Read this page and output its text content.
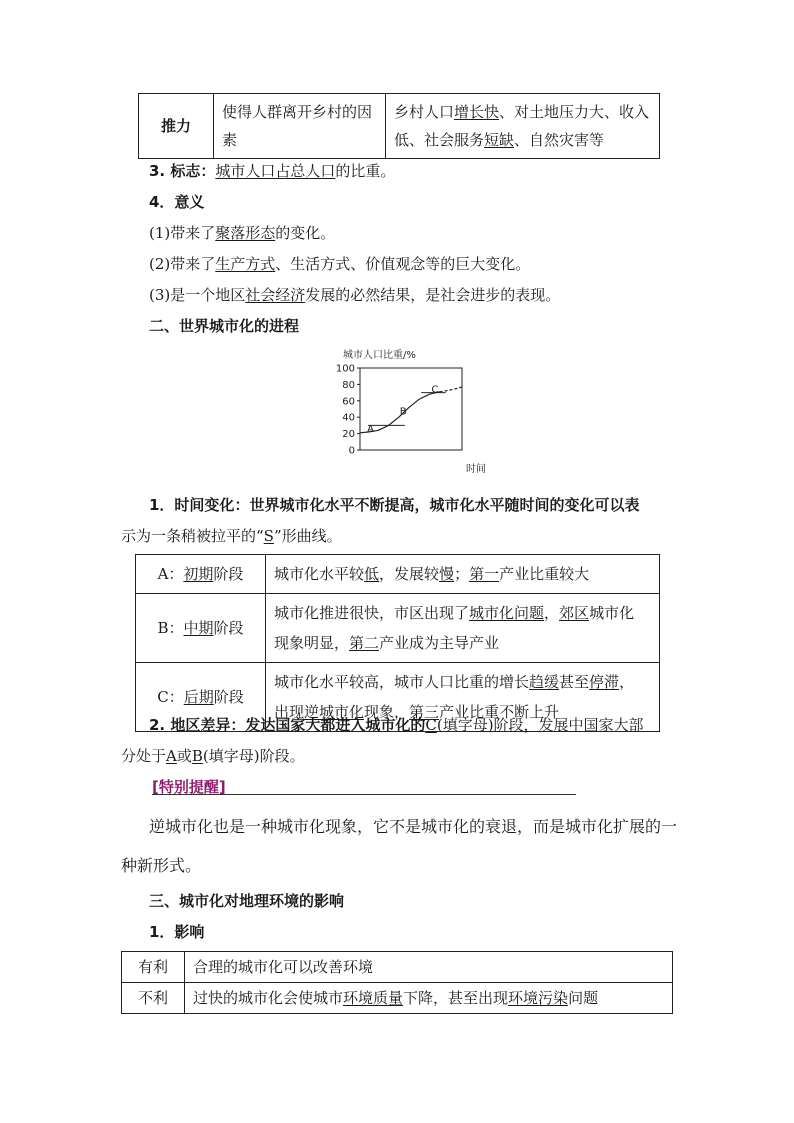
推力	使得人群离开乡村的因素	乡村人口增长快、对土地压力大、收入低、社会服务短缺、自然灾害等
3. 标志：城市人口占总人口的比重。
4．意义
(1)带来了聚落形态的变化。
(2)带来了生产方式、生活方式、价值观念等的巨大变化。
(3)是一个地区社会经济发展的必然结果，是社会进步的表现。
二、世界城市化的进程
城市人口比重/%
0
20
40
60
80
100
A
B
C
时间
1．时间变化：世界城市化水平不断提高，城市化水平随时间的变化可以表
示为一条稍被拉平的“S”形曲线。
A：初期阶段	城市化水平较低，发展较慢；第一产业比重较大

B：中期阶段	城市化推进很快，市区出现了城市化问题，郊区城市化
现象明显，第二产业成为主导产业

C：后期阶段	城市化水平较高，城市人口比重的增长趋缓甚至停滞，
出现逆城市化现象，第三产业比重不断上升
2. 地区差异：发达国家大都进入城市化的C(填字母)阶段，发展中国家大部
分处于A或B(填字母)阶段。
[特别提醒]
逆城市化也是一种城市化现象，它不是城市化的衰退，而是城市化扩展的一
种新形式。
三、城市化对地理环境的影响
1．影响
有利	合理的城市化可以改善环境
不利	过快的城市化会使城市环境质量下降，甚至出现环境污染问题
